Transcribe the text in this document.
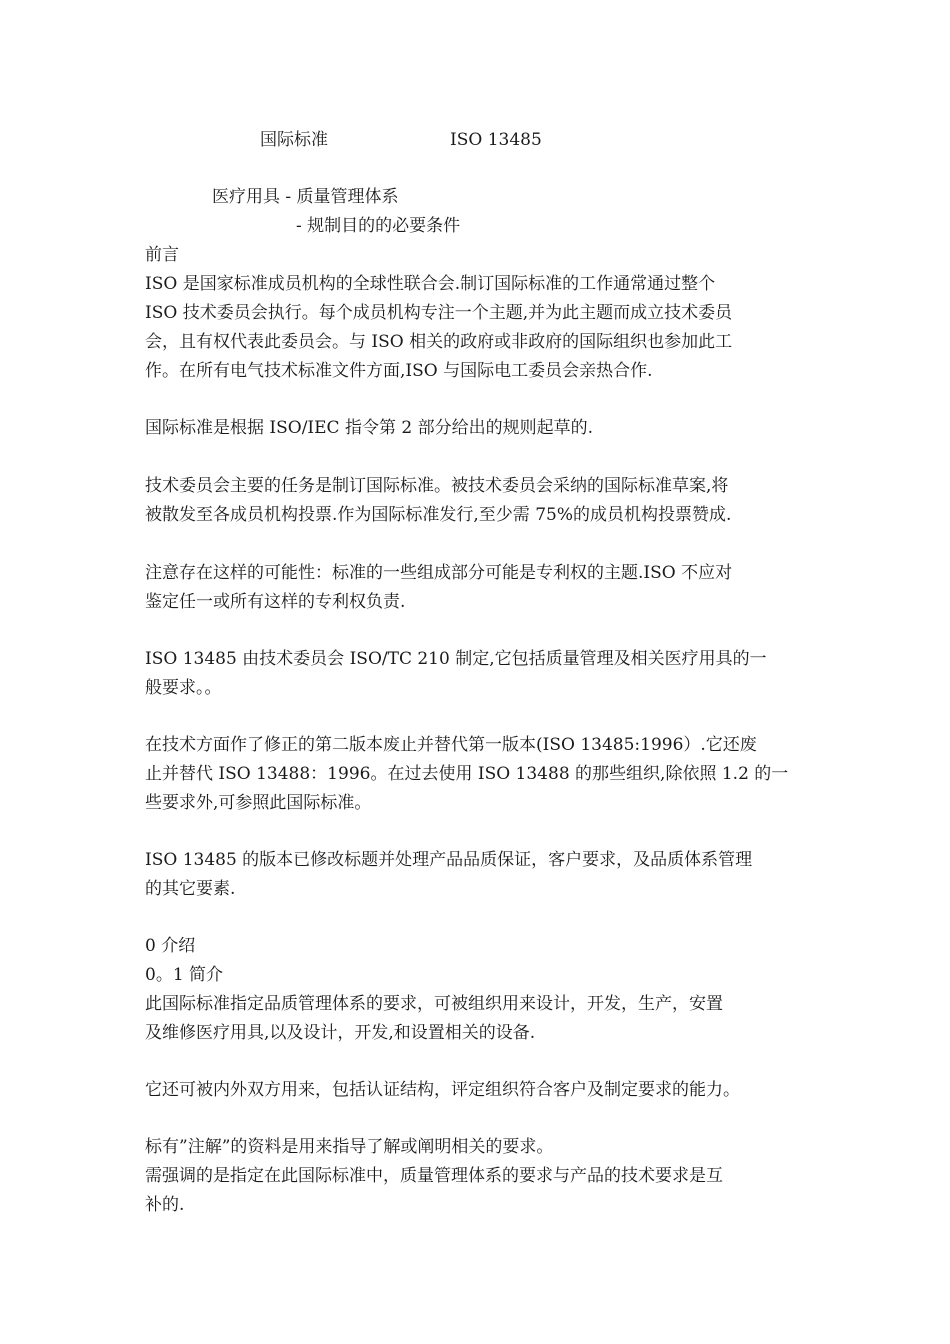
国际标准	ISO 13485
医疗用具 - 质量管理体系
- 规制目的的必要条件
前言
ISO 是国家标准成员机构的全球性联合会.制订国际标准的工作通常通过整个
ISO 技术委员会执行。每个成员机构专注一个主题,并为此主题而成立技术委员
会，且有权代表此委员会。与 ISO 相关的政府或非政府的国际组织也参加此工
作。在所有电气技术标准文件方面,ISO 与国际电工委员会亲热合作.
国际标准是根据 ISO/IEC 指令第 2 部分给出的规则起草的.
技术委员会主要的任务是制订国际标准。被技术委员会采纳的国际标准草案,将
被散发至各成员机构投票.作为国际标准发行,至少需 75%的成员机构投票赞成.
注意存在这样的可能性：标准的一些组成部分可能是专利权的主题.ISO 不应对
鉴定任一或所有这样的专利权负责.
ISO 13485 由技术委员会 ISO/TC 210 制定,它包括质量管理及相关医疗用具的一
般要求。。
在技术方面作了修正的第二版本废止并替代第一版本(ISO 13485:1996）.它还废
止并替代 ISO 13488：1996。在过去使用 ISO 13488 的那些组织,除依照 1.2 的一
些要求外,可参照此国际标准。
ISO 13485 的版本已修改标题并处理产品品质保证，客户要求，及品质体系管理
的其它要素.
0 介绍
0。1 简介
此国际标准指定品质管理体系的要求，可被组织用来设计，开发，生产，安置
及维修医疗用具,以及设计，开发,和设置相关的设备.
它还可被内外双方用来，包括认证结构，评定组织符合客户及制定要求的能力。
标有”注解”的资料是用来指导了解或阐明相关的要求。
需强调的是指定在此国际标准中，质量管理体系的要求与产品的技术要求是互
补的.
